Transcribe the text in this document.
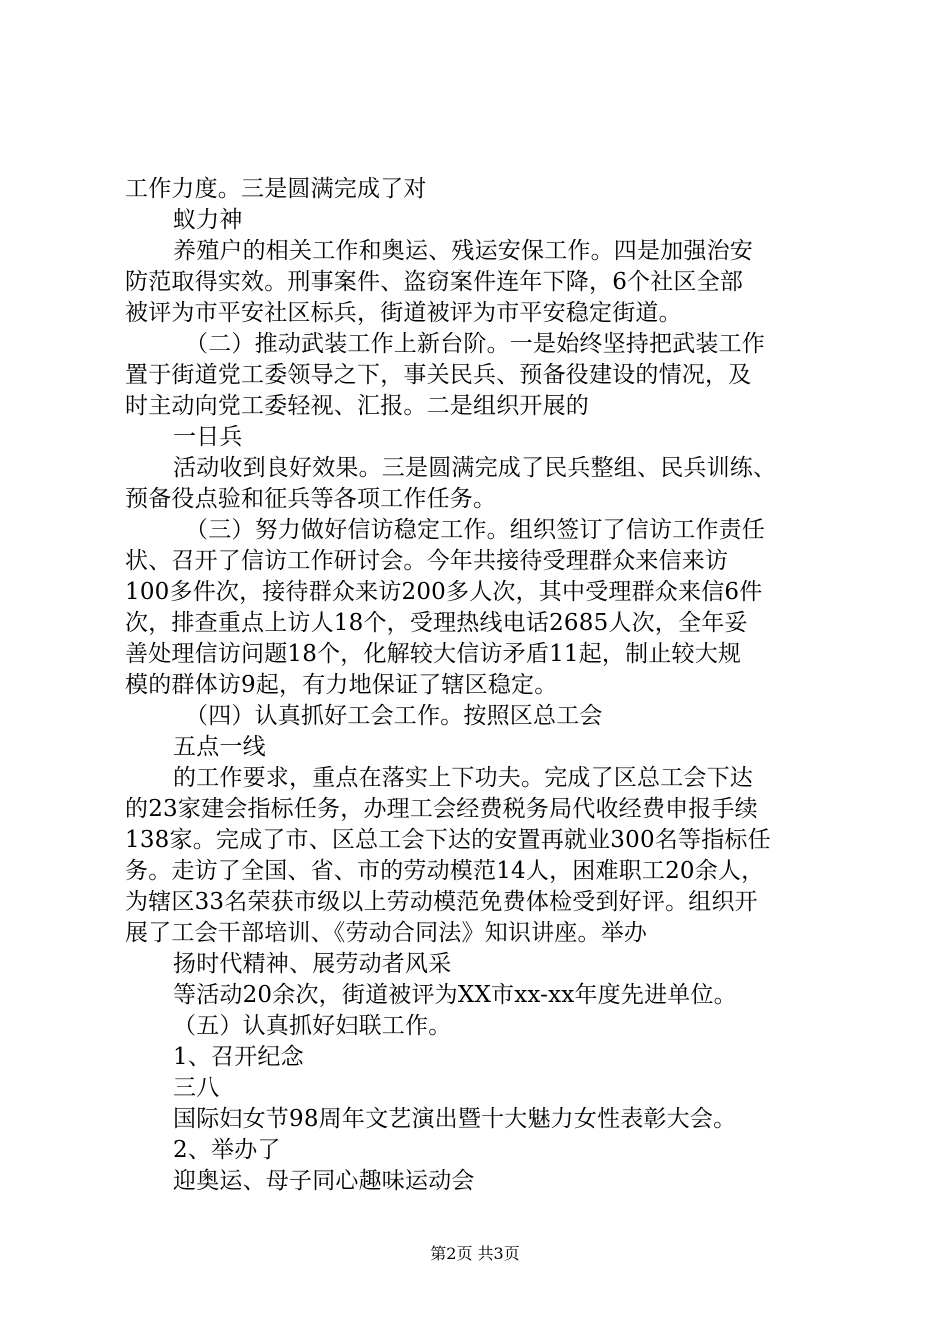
工作力度。三是圆满完成了对
蚁力神
养殖户的相关工作和奥运、残运安保工作。四是加强治安
防范取得实效。刑事案件、盗窃案件连年下降，6个社区全部
被评为市平安社区标兵，街道被评为市平安稳定街道。
（二）推动武装工作上新台阶。一是始终坚持把武装工作
置于街道党工委领导之下，事关民兵、预备役建设的情况，及
时主动向党工委轻视、汇报。二是组织开展的
一日兵
活动收到良好效果。三是圆满完成了民兵整组、民兵训练、
预备役点验和征兵等各项工作任务。
（三）努力做好信访稳定工作。组织签订了信访工作责任
状、召开了信访工作研讨会。今年共接待受理群众来信来访
100多件次，接待群众来访200多人次，其中受理群众来信6件
次，排查重点上访人18个，受理热线电话2685人次，全年妥
善处理信访问题18个，化解较大信访矛盾11起，制止较大规
模的群体访9起，有力地保证了辖区稳定。
（四）认真抓好工会工作。按照区总工会
五点一线
的工作要求，重点在落实上下功夫。完成了区总工会下达
的23家建会指标任务，办理工会经费税务局代收经费申报手续
138家。完成了市、区总工会下达的安置再就业300名等指标任
务。走访了全国、省、市的劳动模范14人，困难职工20余人，
为辖区33名荣获市级以上劳动模范免费体检受到好评。组织开
展了工会干部培训、《劳动合同法》知识讲座。举办
扬时代精神、展劳动者风采
等活动20余次，街道被评为XX市xx-xx年度先进单位。
（五）认真抓好妇联工作。
1、召开纪念
三八
国际妇女节98周年文艺演出暨十大魅力女性表彰大会。
2、举办了
迎奥运、母子同心趣味运动会
第2页 共3页
